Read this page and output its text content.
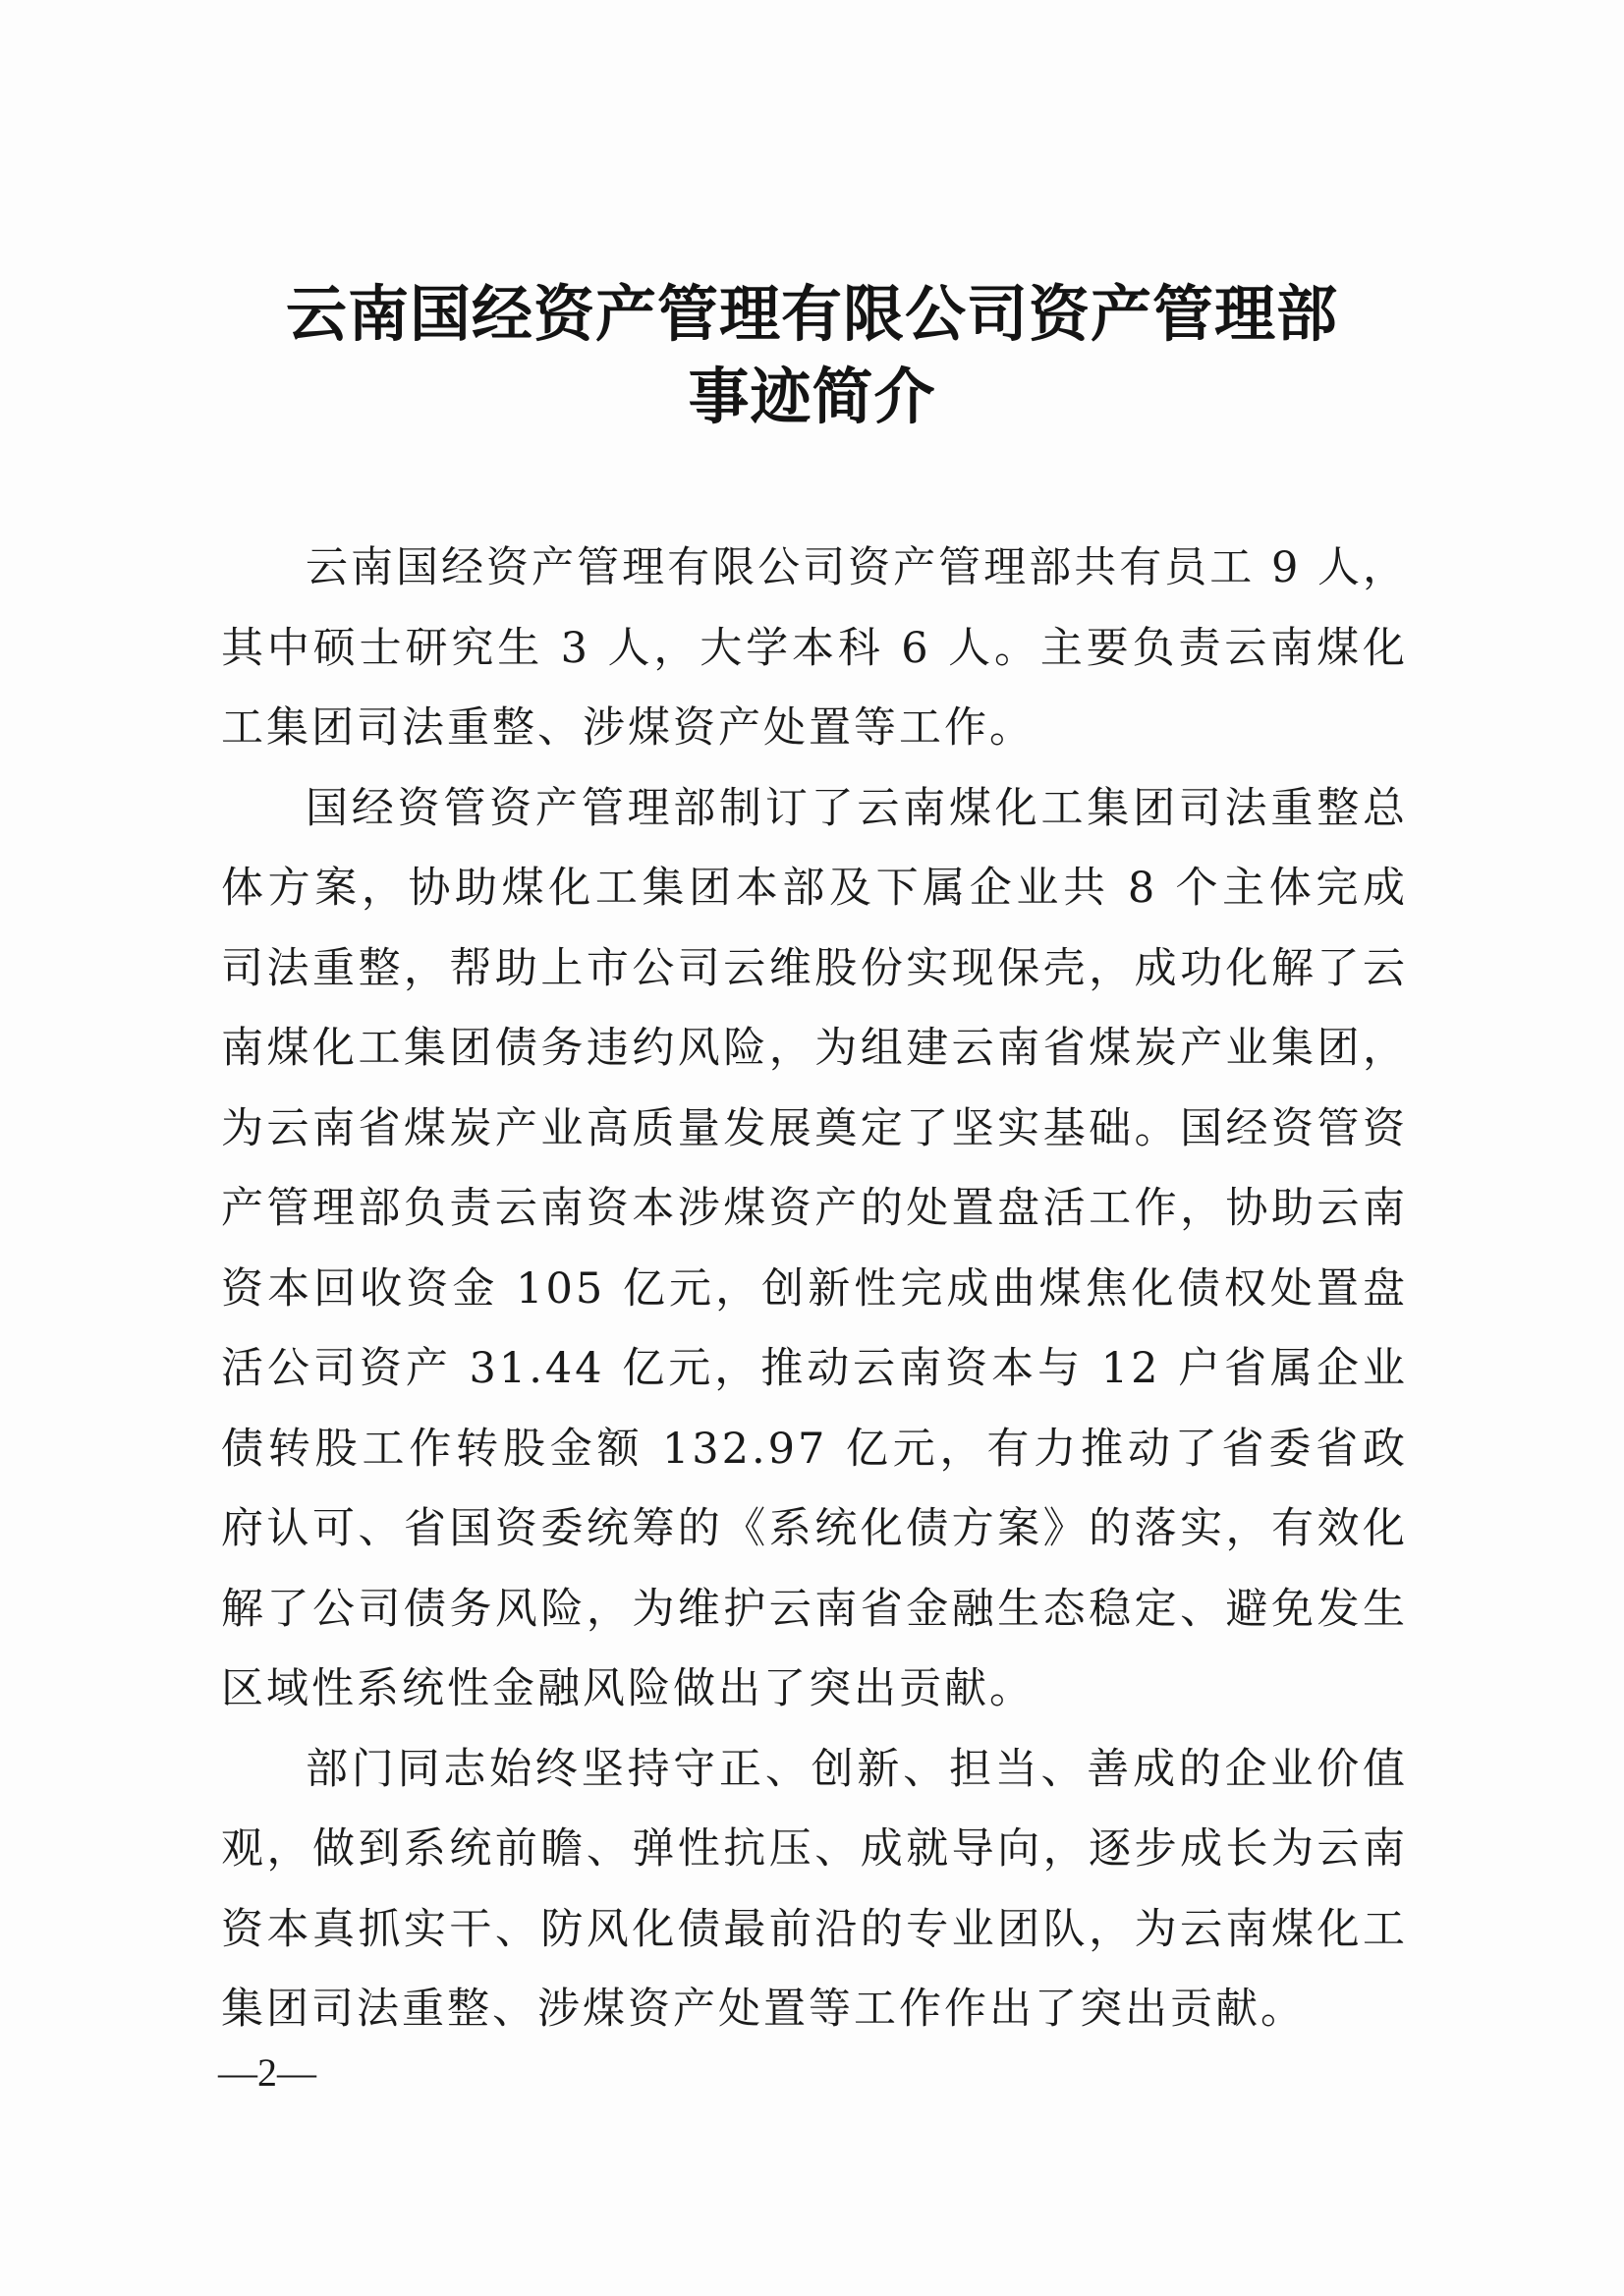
云南国经资产管理有限公司资产管理部
事迹简介

云南国经资产管理有限公司资产管理部共有员工 9 人，其中硕士研究生 3 人，大学本科 6 人。主要负责云南煤化工集团司法重整、涉煤资产处置等工作。

国经资管资产管理部制订了云南煤化工集团司法重整总体方案，协助煤化工集团本部及下属企业共 8 个主体完成司法重整，帮助上市公司云维股份实现保壳，成功化解了云南煤化工集团债务违约风险，为组建云南省煤炭产业集团，为云南省煤炭产业高质量发展奠定了坚实基础。国经资管资产管理部负责云南资本涉煤资产的处置盘活工作，协助云南资本回收资金 105 亿元，创新性完成曲煤焦化债权处置盘活公司资产 31.44 亿元，推动云南资本与 12 户省属企业债转股工作转股金额 132.97 亿元，有力推动了省委省政府认可、省国资委统筹的《系统化债方案》的落实，有效化解了公司债务风险，为维护云南省金融生态稳定、避免发生区域性系统性金融风险做出了突出贡献。

部门同志始终坚持守正、创新、担当、善成的企业价值观，做到系统前瞻、弹性抗压、成就导向，逐步成长为云南资本真抓实干、防风化债最前沿的专业团队，为云南煤化工集团司法重整、涉煤资产处置等工作作出了突出贡献。

—2—
